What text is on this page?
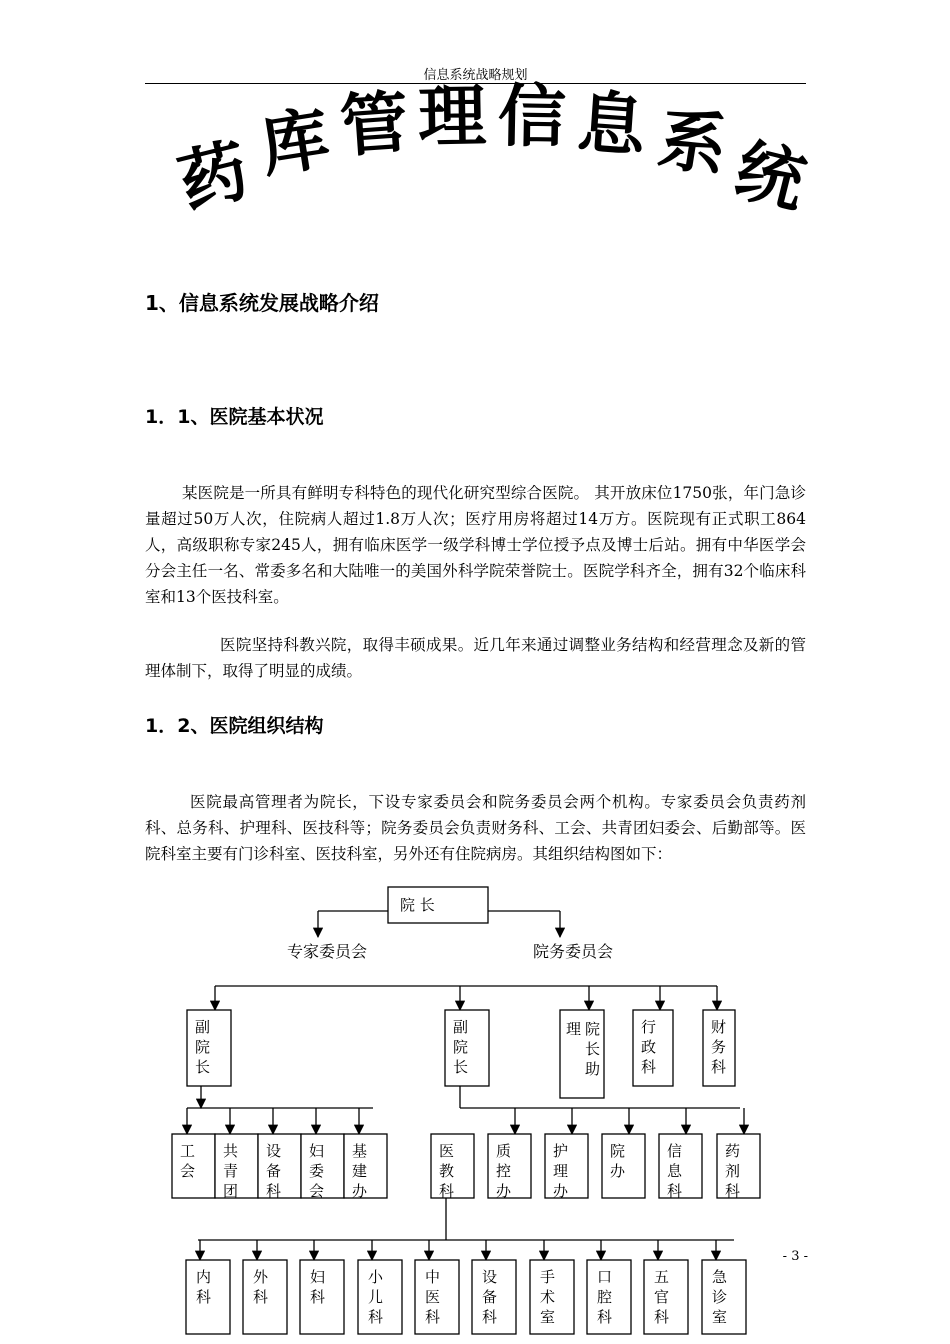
信息系统战略规划
药 库 管 理 信 息 系
统
1、信息系统发展战略介绍
1．1、医院基本状况
某医院是一所具有鲜明专科特色的现代化研究型综合医院。 其开放床位1750张，年门急诊量超过50万人次，住院病人超过1.8万人次；医疗用房将超过14万方。医院现有正式职工864人，高级职称专家245人，拥有临床医学一级学科博士学位授予点及博士后站。拥有中华医学会分会主任一名、常委多名和大陆唯一的美国外科学院荣誉院士。医院学科齐全，拥有32个临床科室和13个医技科室。
医院坚持科教兴院，取得丰硕成果。近几年来通过调整业务结构和经营理念及新的管理体制下，取得了明显的成绩。
1．2、医院组织结构
医院最高管理者为院长，下设专家委员会和院务委员会两个机构。专家委员会负责药剂科、总务科、护理科、医技科等；院务委员会负责财务科、工会、共青团妇委会、后勤部等。医院科室主要有门诊科室、医技科室，另外还有住院病房。其组织结构图如下：
院 长
专家委员会	院务委员会
副
院
长
副
院
长
理 院
长
助
行
政
科
财
务
科
工
会
共
青
团
设
备
科
妇
委
会
基
建
办
医
教
科
质
控
办
护
理
办
院
办
信
息
科
药
剂
科
内
科
外
科
妇
科
小
儿
科
中
医
科
设
备
科
手
术
室
口
腔
科
五
官
科
急
诊
室
- 3 -
